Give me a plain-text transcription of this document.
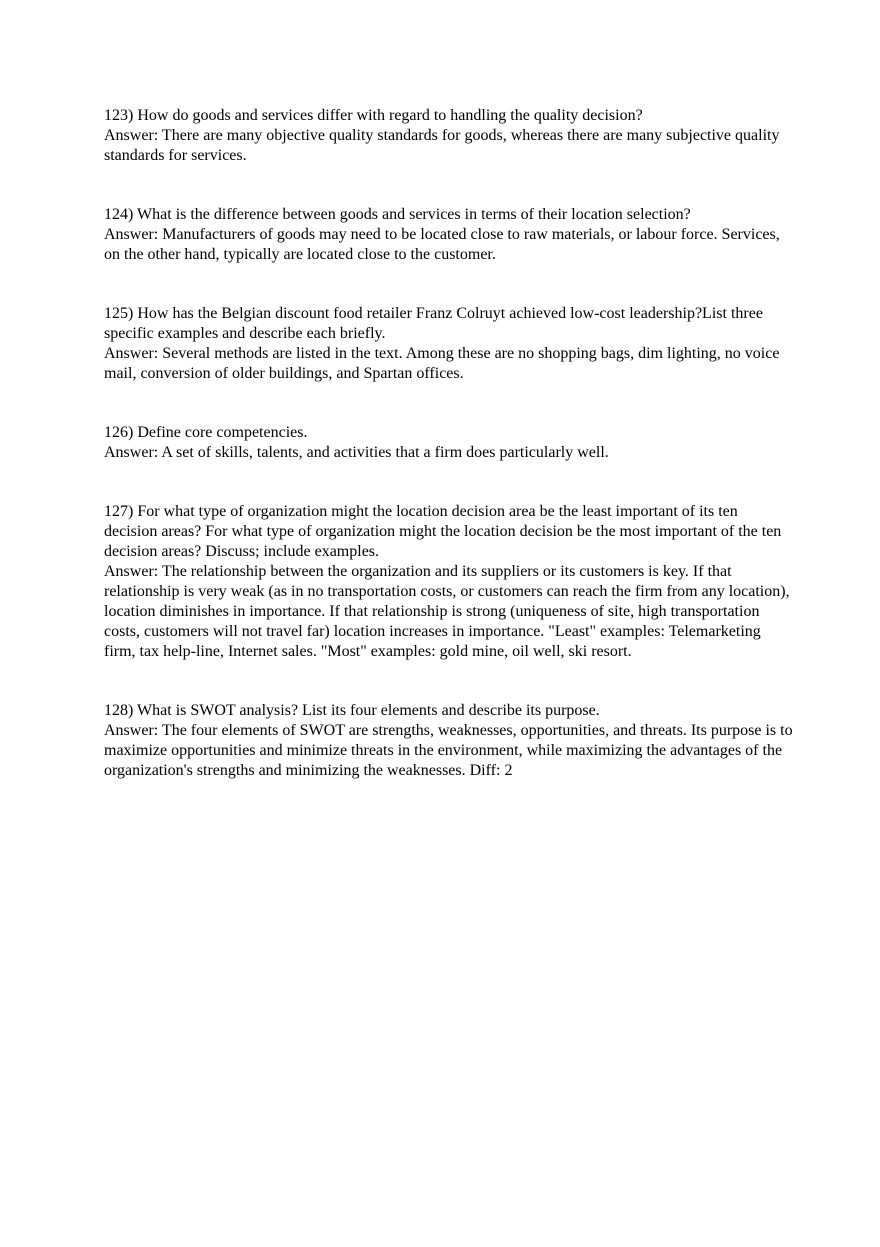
123) How do goods and services differ with regard to handling the quality decision?

Answer: There are many objective quality standards for goods, whereas there are many subjective quality standards for services.

124) What is the difference between goods and services in terms of their location selection?

Answer: Manufacturers of goods may need to be located close to raw materials, or labour force. Services, on the other hand, typically are located close to the customer.

125) How has the Belgian discount food retailer Franz Colruyt achieved low-cost leadership?List three specific examples and describe each briefly.

Answer: Several methods are listed in the text. Among these are no shopping bags, dim lighting, no voice mail, conversion of older buildings, and Spartan offices.

126) Define core competencies.

Answer: A set of skills, talents, and activities that a firm does particularly well.

127) For what type of organization might the location decision area be the least important of its ten decision areas? For what type of organization might the location decision be the most important of the ten decision areas? Discuss; include examples.

Answer: The relationship between the organization and its suppliers or its customers is key. If that relationship is very weak (as in no transportation costs, or customers can reach the firm from any location), location diminishes in importance. If that relationship is strong (uniqueness of site, high transportation costs, customers will not travel far) location increases in importance. "Least" examples: Telemarketing firm, tax help-line, Internet sales. "Most" examples: gold mine, oil well, ski resort.

128) What is SWOT analysis? List its four elements and describe its purpose.

Answer: The four elements of SWOT are strengths, weaknesses, opportunities, and threats. Its purpose is to maximize opportunities and minimize threats in the environment, while maximizing the advantages of the organization's strengths and minimizing the weaknesses. Diff: 2
